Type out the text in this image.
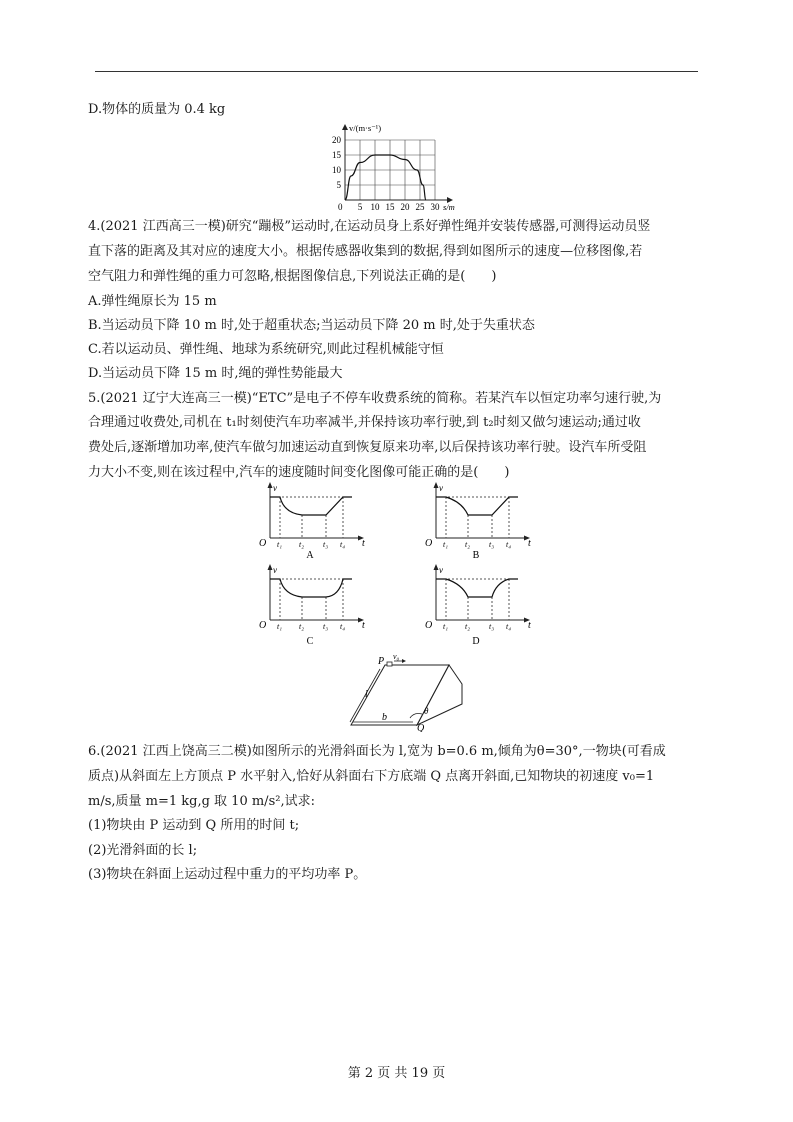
D.物体的质量为 0.4 kg
v/(m·s⁻¹)
s/m
0 5 10 15 20 25 30
5
10
15
20
4.(2021 江西高三一模)研究“蹦极”运动时,在运动员身上系好弹性绳并安装传感器,可测得运动员竖
直下落的距离及其对应的速度大小。根据传感器收集到的数据,得到如图所示的速度—位移图像,若
空气阻力和弹性绳的重力可忽略,根据图像信息,下列说法正确的是(　　)
A.弹性绳原长为 15 m
B.当运动员下降 10 m 时,处于超重状态;当运动员下降 20 m 时,处于失重状态
C.若以运动员、弹性绳、地球为系统研究,则此过程机械能守恒
D.当运动员下降 15 m 时,绳的弹性势能最大
5.(2021 辽宁大连高三一模)“ETC”是电子不停车收费系统的简称。若某汽车以恒定功率匀速行驶,为
合理通过收费处,司机在 t₁时刻使汽车功率减半,并保持该功率行驶,到 t₂时刻又做匀速运动;通过收
费处后,逐渐增加功率,使汽车做匀加速运动直到恢复原来功率,以后保持该功率行驶。设汽车所受阻
力大小不变,则在该过程中,汽车的速度随时间变化图像可能正确的是(　　)
v
O	t
t₁ t₂ t₃ t₄
A
v
O	t
t₁ t₂ t₃ t₄
B
v
O	t
t₁ t₂ t₃ t₄
C
v
O	t
t₁ t₂ t₃ t₄
D
P v₀
l
b
Q
θ
6.(2021 江西上饶高三二模)如图所示的光滑斜面长为 l,宽为 b=0.6 m,倾角为θ=30°,一物块(可看成
质点)从斜面左上方顶点 P 水平射入,恰好从斜面右下方底端 Q 点离开斜面,已知物块的初速度 v₀=1
m/s,质量 m=1 kg,g 取 10 m/s²,试求:
(1)物块由 P 运动到 Q 所用的时间 t;
(2)光滑斜面的长 l;
(3)物块在斜面上运动过程中重力的平均功率 P。
第 2 页 共 19 页
